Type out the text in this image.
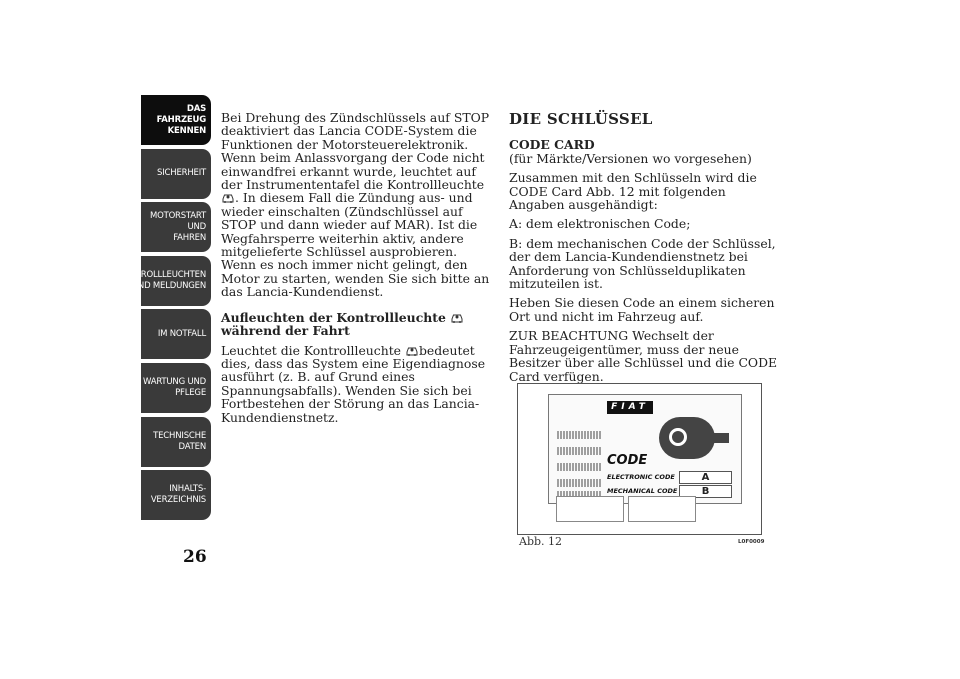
DAS FAHRZEUG
KENNEN
SICHERHEIT
MOTORSTART UND
FAHREN
KONTROLLLEUCHTEN
UND MELDUNGEN
IM NOTFALL
WARTUNG UND
PFLEGE
TECHNISCHE
DATEN
INHALTS-
VERZEICHNIS
26

Bei Drehung des Zündschlüssels auf STOP deaktiviert das Lancia CODE-System die Funktionen der Motorsteuerelektronik. Wenn beim Anlassvorgang der Code nicht einwandfrei erkannt wurde, leuchtet auf der Instrumententafel die Kontrollleuchte . In diesem Fall die Zündung aus- und wieder einschalten (Zündschlüssel auf STOP und dann wieder auf MAR). Ist die Wegfahrsperre weiterhin aktiv, andere mitgelieferte Schlüssel ausprobieren. Wenn es noch immer nicht gelingt, den Motor zu starten, wenden Sie sich bitte an das Lancia-Kundendienst.

Aufleuchten der Kontrollleuchte  während der Fahrt

Leuchtet die Kontrollleuchte bedeutet dies, dass das System eine Eigendiagnose ausführt (z. B. auf Grund eines Spannungsabfalls). Wenden Sie sich bei Fortbestehen der Störung an das Lancia-Kundendienstnetz.

DIE SCHLÜSSEL
CODE CARD

(für Märkte/Versionen wo vorgesehen)

Zusammen mit den Schlüsseln wird die CODE Card Abb. 12 mit folgenden Angaben ausgehändigt:

A: dem elektronischen Code;

B: dem mechanischen Code der Schlüssel, der dem Lancia-Kundendienstnetz bei Anforderung von Schlüsselduplikaten mitzuteilen ist.

Heben Sie diesen Code an einem sicheren Ort und nicht im Fahrzeug auf.

ZUR BEACHTUNG Wechselt der Fahrzeugeigentümer, muss der neue Besitzer über alle Schlüssel und die CODE Card verfügen.

FIAT
CODE
ELECTRONIC CODE
MECHANICAL CODE
A
B
Abb. 12	L0F0009
